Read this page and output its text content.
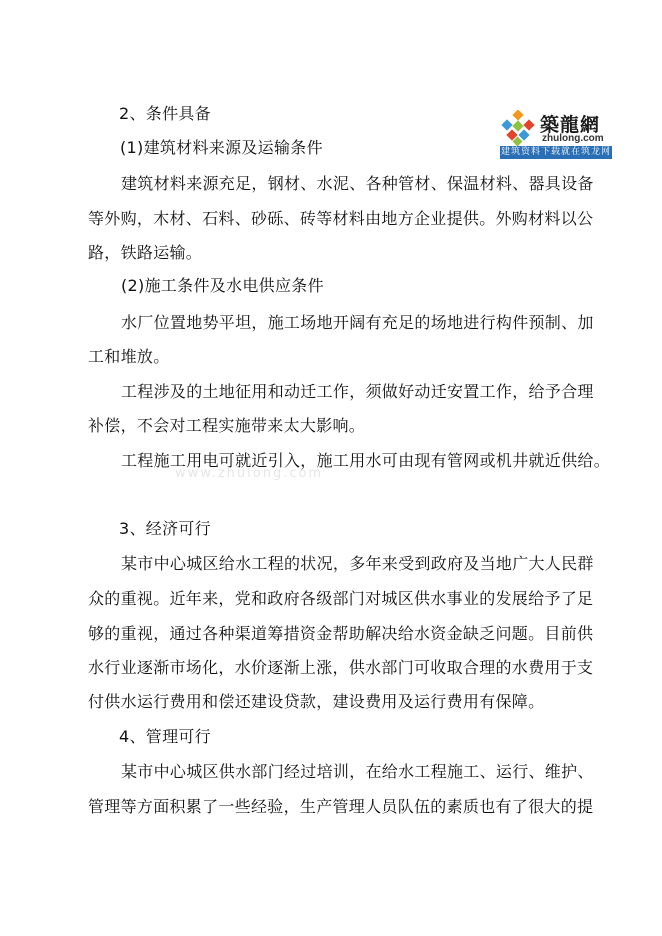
築龍網
zhulong.com
建筑资料下载就在筑龙网
www.zhulong.com
2、条件具备
(1)建筑材料来源及运输条件
建筑材料来源充足，钢材、水泥、各种管材、保温材料、器具设备
等外购，木材、石料、砂砾、砖等材料由地方企业提供。外购材料以公
路，铁路运输。
(2)施工条件及水电供应条件
水厂位置地势平坦，施工场地开阔有充足的场地进行构件预制、加
工和堆放。
工程涉及的土地征用和动迁工作，须做好动迁安置工作，给予合理
补偿，不会对工程实施带来太大影响。
工程施工用电可就近引入，施工用水可由现有管网或机井就近供给。
3、经济可行
某市中心城区给水工程的状况，多年来受到政府及当地广大人民群
众的重视。近年来，党和政府各级部门对城区供水事业的发展给予了足
够的重视，通过各种渠道筹措资金帮助解决给水资金缺乏问题。目前供
水行业逐渐市场化，水价逐渐上涨，供水部门可收取合理的水费用于支
付供水运行费用和偿还建设贷款，建设费用及运行费用有保障。
4、管理可行
某市中心城区供水部门经过培训，在给水工程施工、运行、维护、
管理等方面积累了一些经验，生产管理人员队伍的素质也有了很大的提
